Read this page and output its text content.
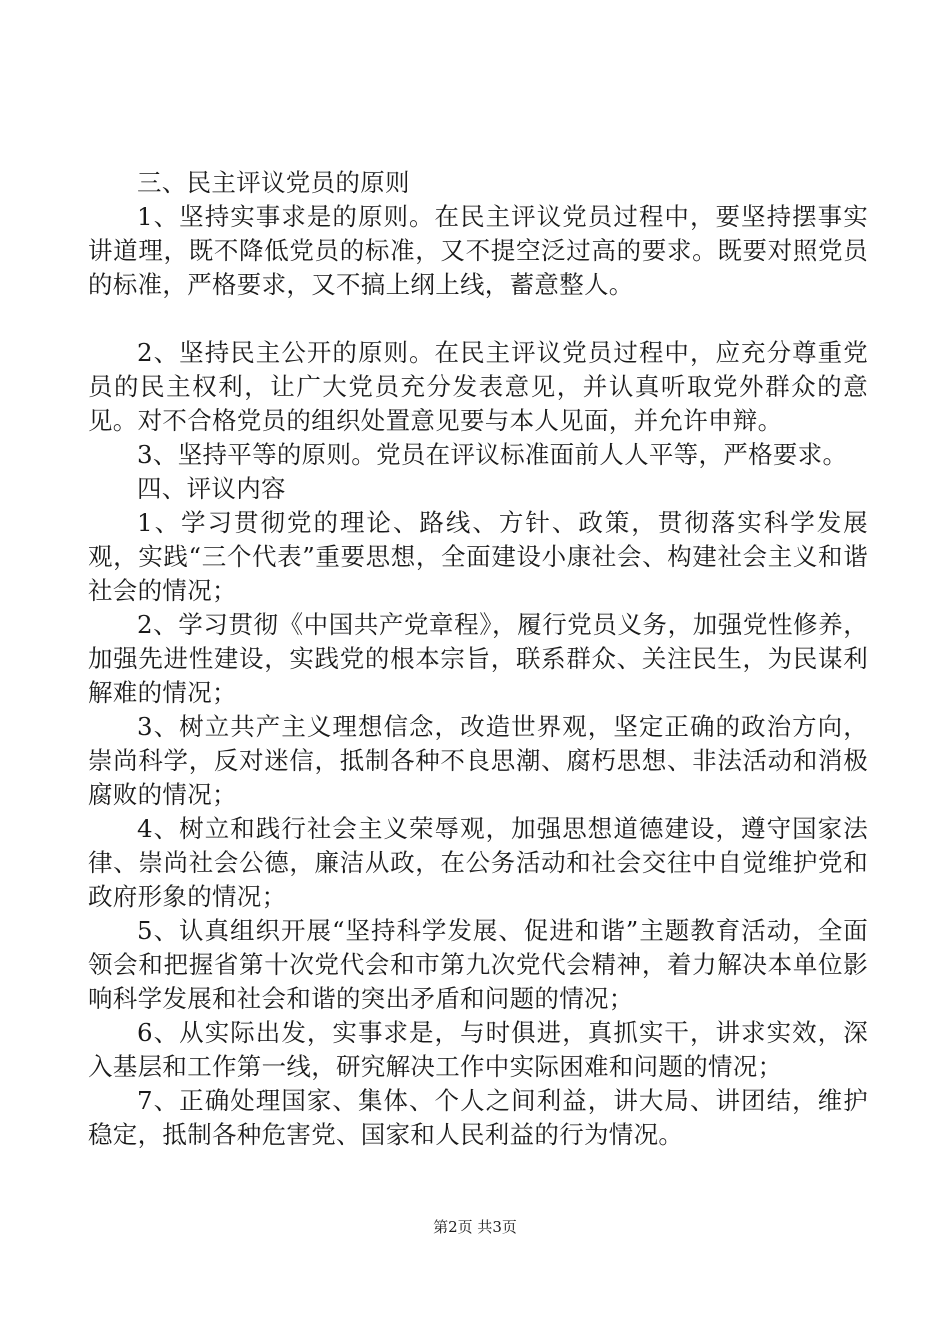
三、民主评议党员的原则

1、坚持实事求是的原则。在民主评议党员过程中，要坚持摆事实讲道理，既不降低党员的标准，又不提空泛过高的要求。既要对照党员的标准，严格要求，又不搞上纲上线，蓄意整人。

2、坚持民主公开的原则。在民主评议党员过程中，应充分尊重党员的民主权利，让广大党员充分发表意见，并认真听取党外群众的意见。对不合格党员的组织处置意见要与本人见面，并允许申辩。

3、坚持平等的原则。党员在评议标准面前人人平等，严格要求。

四、评议内容

1、学习贯彻党的理论、路线、方针、政策，贯彻落实科学发展观，实践“三个代表”重要思想，全面建设小康社会、构建社会主义和谐社会的情况；

2、学习贯彻《中国共产党章程》，履行党员义务，加强党性修养，加强先进性建设，实践党的根本宗旨，联系群众、关注民生，为民谋利解难的情况；

3、树立共产主义理想信念，改造世界观，坚定正确的政治方向，崇尚科学，反对迷信，抵制各种不良思潮、腐朽思想、非法活动和消极腐败的情况；

4、树立和践行社会主义荣辱观，加强思想道德建设，遵守国家法律、崇尚社会公德，廉洁从政，在公务活动和社会交往中自觉维护党和政府形象的情况；

5、认真组织开展“坚持科学发展、促进和谐”主题教育活动，全面领会和把握省第十次党代会和市第九次党代会精神，着力解决本单位影响科学发展和社会和谐的突出矛盾和问题的情况；

6、从实际出发，实事求是，与时俱进，真抓实干，讲求实效，深入基层和工作第一线，研究解决工作中实际困难和问题的情况；

7、正确处理国家、集体、个人之间利益，讲大局、讲团结，维护稳定，抵制各种危害党、国家和人民利益的行为情况。

第2页 共3页
